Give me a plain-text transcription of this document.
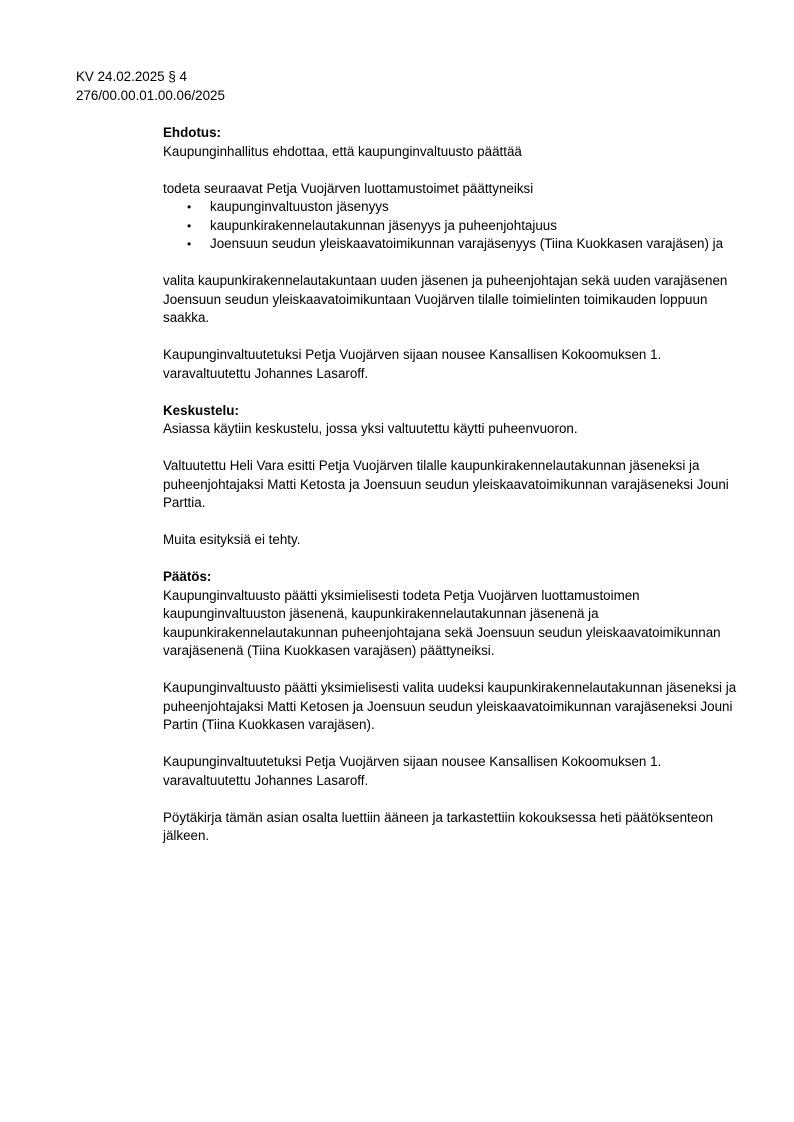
KV 24.02.2025 § 4
276/00.00.01.00.06/2025

Ehdotus:

Kaupunginhallitus ehdottaa, että kaupunginvaltuusto päättää

todeta seuraavat Petja Vuojärven luottamustoimet päättyneiksi

• kaupunginvaltuuston jäsenyys
• kaupunkirakennelautakunnan jäsenyys ja puheenjohtajuus
• Joensuun seudun yleiskaavatoimikunnan varajäsenyys (Tiina Kuokkasen varajäsen) ja

valita kaupunkirakennelautakuntaan uuden jäsenen ja puheenjohtajan sekä uuden varajäsenen Joensuun seudun yleiskaavatoimikuntaan Vuojärven tilalle toimielinten toimikauden loppuun saakka.

Kaupunginvaltuutetuksi Petja Vuojärven sijaan nousee Kansallisen Kokoomuksen 1. varavaltuutettu Johannes Lasaroff.

Keskustelu:

Asiassa käytiin keskustelu, jossa yksi valtuutettu käytti puheenvuoron.

Valtuutettu Heli Vara esitti Petja Vuojärven tilalle kaupunkirakennelautakunnan jäseneksi ja puheenjohtajaksi Matti Ketosta ja Joensuun seudun yleiskaavatoimikunnan varajäseneksi Jouni Parttia.

Muita esityksiä ei tehty.

Päätös:

Kaupunginvaltuusto päätti yksimielisesti todeta Petja Vuojärven luottamustoimen kaupunginvaltuuston jäsenenä, kaupunkirakennelautakunnan jäsenenä ja kaupunkirakennelautakunnan puheenjohtajana sekä Joensuun seudun yleiskaavatoimikunnan varajäsenenä (Tiina Kuokkasen varajäsen) päättyneiksi.

Kaupunginvaltuusto päätti yksimielisesti valita uudeksi kaupunkirakennelautakunnan jäseneksi ja puheenjohtajaksi Matti Ketosen ja Joensuun seudun yleiskaavatoimikunnan varajäseneksi Jouni Partin (Tiina Kuokkasen varajäsen).

Kaupunginvaltuutetuksi Petja Vuojärven sijaan nousee Kansallisen Kokoomuksen 1. varavaltuutettu Johannes Lasaroff.

Pöytäkirja tämän asian osalta luettiin ääneen ja tarkastettiin kokouksessa heti päätöksenteon jälkeen.
